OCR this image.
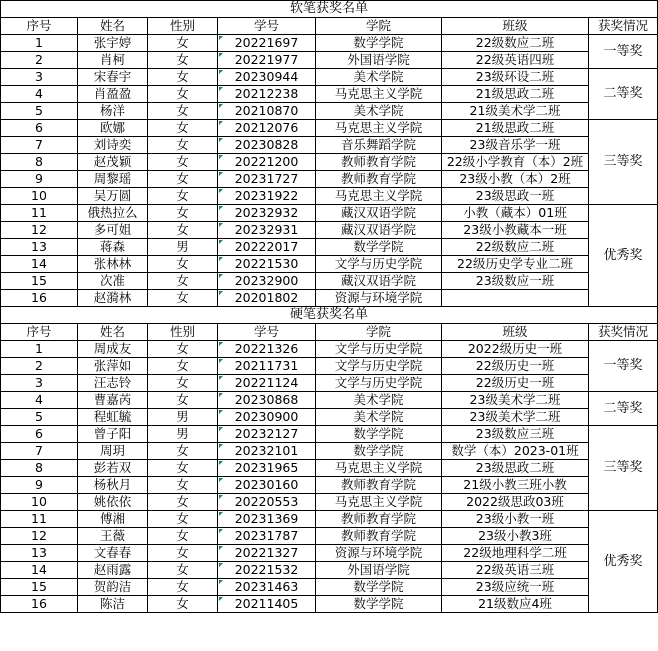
软笔获奖名单						
序号	姓名	性别	学号	学院	班级	获奖情况
1	张宇婷	女	20221697	数学学院	22级数应二班	一等奖
2	肖柯	女	20221977	外国语学院	22级英语四班	
3	宋春宇	女	20230944	美术学院	23级环设二班	二等奖
4	肖盈盈	女	20212238	马克思主义学院	21级思政二班	
5	杨洋	女	20210870	美术学院	21级美术学二班	
6	欧娜	女	20212076	马克思主义学院	21级思政二班	三等奖
7	刘诗奕	女	20230828	音乐舞蹈学院	23级音乐学一班	
8	赵茂颖	女	20221200	教师教育学院	22级小学教育（本）2班	
9	周黎瑶	女	20231727	教师教育学院	23级小教（本）2班	
10	吴万圆	女	20231922	马克思主义学院	23级思政一班	
11	俄热拉么	女	20232932	藏汉双语学院	小教（藏本）01班	优秀奖
12	多可姐	女	20232931	藏汉双语学院	23级小教藏本一班	
13	蒋森	男	20222017	数学学院	22级数应二班	
14	张林林	女	20221530	文学与历史学院	22级历史学专业二班	
15	次准	女	20232900	藏汉双语学院	23级数应一班	
16	赵漪林	女	20201802	资源与环境学院		
硬笔获奖名单						
序号	姓名	性别	学号	学院	班级	获奖情况
1	周成友	女	20221326	文学与历史学院	2022级历史一班	一等奖
2	张萍如	女	20211731	文学与历史学院	22级历史一班	
3	汪志铃	女	20221124	文学与历史学院	22级历史一班	
4	曹嘉芮	女	20230868	美术学院	23级美术学二班	二等奖
5	程虹毓	男	20230900	美术学院	23级美术学二班	
6	曾子阳	男	20232127	数学学院	23级数应三班	三等奖
7	周玥	女	20232101	数学学院	数学（本）2023-01班	
8	彭若双	女	20231965	马克思主义学院	23级思政二班	
9	杨秋月	女	20230160	教师教育学院	21级小教三班小教	
10	姚依依	女	20220553	马克思主义学院	2022级思政03班	
11	傅湘	女	20231369	教师教育学院	23级小教一班	优秀奖
12	王薇	女	20231787	教师教育学院	23级小教3班	
13	文春春	女	20221327	资源与环境学院	22级地理科学二班	
14	赵雨露	女	20221532	外国语学院	22级英语三班	
15	贺韵洁	女	20231463	数学学院	23级应统一班	
16	陈洁	女	20211405	数学学院	21级数应4班	
